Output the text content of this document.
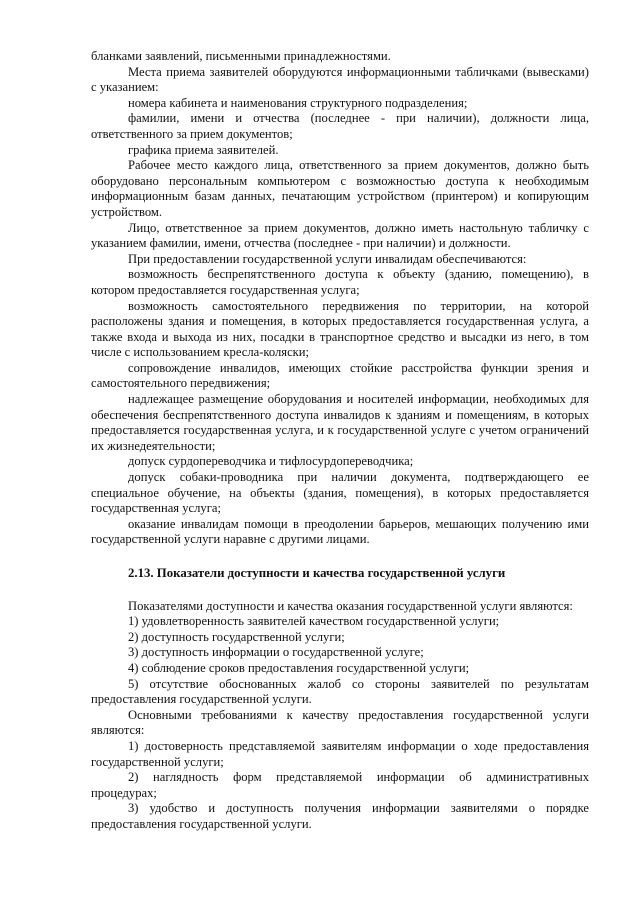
бланками заявлений, письменными принадлежностями.

Места приема заявителей оборудуются информационными табличками (вывесками) с указанием:

номера кабинета и наименования структурного подразделения;

фамилии, имени и отчества (последнее - при наличии), должности лица, ответственного за прием документов;

графика приема заявителей.

Рабочее место каждого лица, ответственного за прием документов, должно быть оборудовано персональным компьютером с возможностью доступа к необходимым информационным базам данных, печатающим устройством (принтером) и копирующим устройством.

Лицо, ответственное за прием документов, должно иметь настольную табличку с указанием фамилии, имени, отчества (последнее - при наличии) и должности.

При предоставлении государственной услуги инвалидам обеспечиваются:

возможность беспрепятственного доступа к объекту (зданию, помещению), в котором предоставляется государственная услуга;

возможность самостоятельного передвижения по территории, на которой расположены здания и помещения, в которых предоставляется государственная услуга, а также входа и выхода из них, посадки в транспортное средство и высадки из него, в том числе с использованием кресла-коляски;

сопровождение инвалидов, имеющих стойкие расстройства функции зрения и самостоятельного передвижения;

надлежащее размещение оборудования и носителей информации, необходимых для обеспечения беспрепятственного доступа инвалидов к зданиям и помещениям, в которых предоставляется государственная услуга, и к государственной услуге с учетом ограничений их жизнедеятельности;

допуск сурдопереводчика и тифлосурдопереводчика;

допуск собаки-проводника при наличии документа, подтверждающего ее специальное обучение, на объекты (здания, помещения), в которых предоставляется государственная услуга;

оказание инвалидам помощи в преодолении барьеров, мешающих получению ими государственной услуги наравне с другими лицами.

2.13. Показатели доступности и качества государственной услуги

Показателями доступности и качества оказания государственной услуги являются:

1) удовлетворенность заявителей качеством государственной услуги;

2) доступность государственной услуги;

3) доступность информации о государственной услуге;

4) соблюдение сроков предоставления государственной услуги;

5) отсутствие обоснованных жалоб со стороны заявителей по результатам предоставления государственной услуги.

Основными требованиями к качеству предоставления государственной услуги являются:

1) достоверность представляемой заявителям информации о ходе предоставления государственной услуги;

2) наглядность форм представляемой информации об административных процедурах;

3) удобство и доступность получения информации заявителями о порядке предоставления государственной услуги.
